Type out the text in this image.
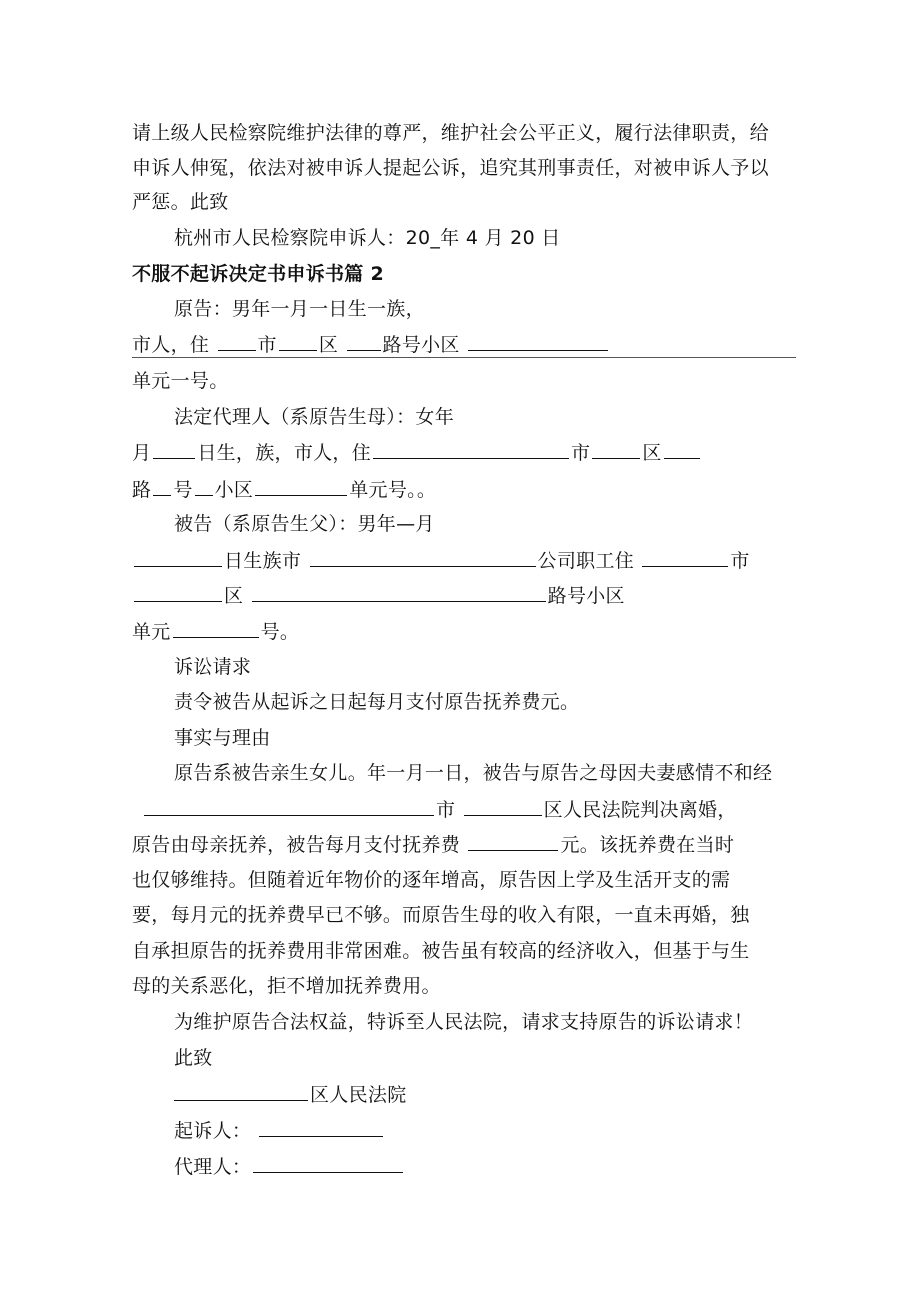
请上级人民检察院维护法律的尊严，维护社会公平正义，履行法律职责，给
申诉人伸冤，依法对被申诉人提起公诉，追究其刑事责任，对被申诉人予以
严惩。此致
杭州市人民检察院申诉人：20_年 4 月 20 日
不服不起诉决定书申诉书篇 2
原告：男年一月一日生一族，
市人，住	市 区 路号小区
单元一号。
法定代理人（系原告生母）：女年
月 日生，族，市人，住	市	区
路 号 小区	单元号。。
被告（系原告生父）：男年—月
日生族市	公司职工住	市
区	路号小区
单元	号。
诉讼请求
责令被告从起诉之日起每月支付原告抚养费元。
事实与理由
原告系被告亲生女儿。年一月一日，被告与原告之母因夫妻感情不和经
市	区人民法院判决离婚，
原告由母亲抚养，被告每月支付抚养费	元。该抚养费在当时
也仅够维持。但随着近年物价的逐年增高，原告因上学及生活开支的需
要，每月元的抚养费早已不够。而原告生母的收入有限，一直未再婚，独
自承担原告的抚养费用非常困难。被告虽有较高的经济收入，但基于与生
母的关系恶化，拒不增加抚养费用。
为维护原告合法权益，特诉至人民法院，请求支持原告的诉讼请求！
此致
区人民法院
起诉人：
代理人：
